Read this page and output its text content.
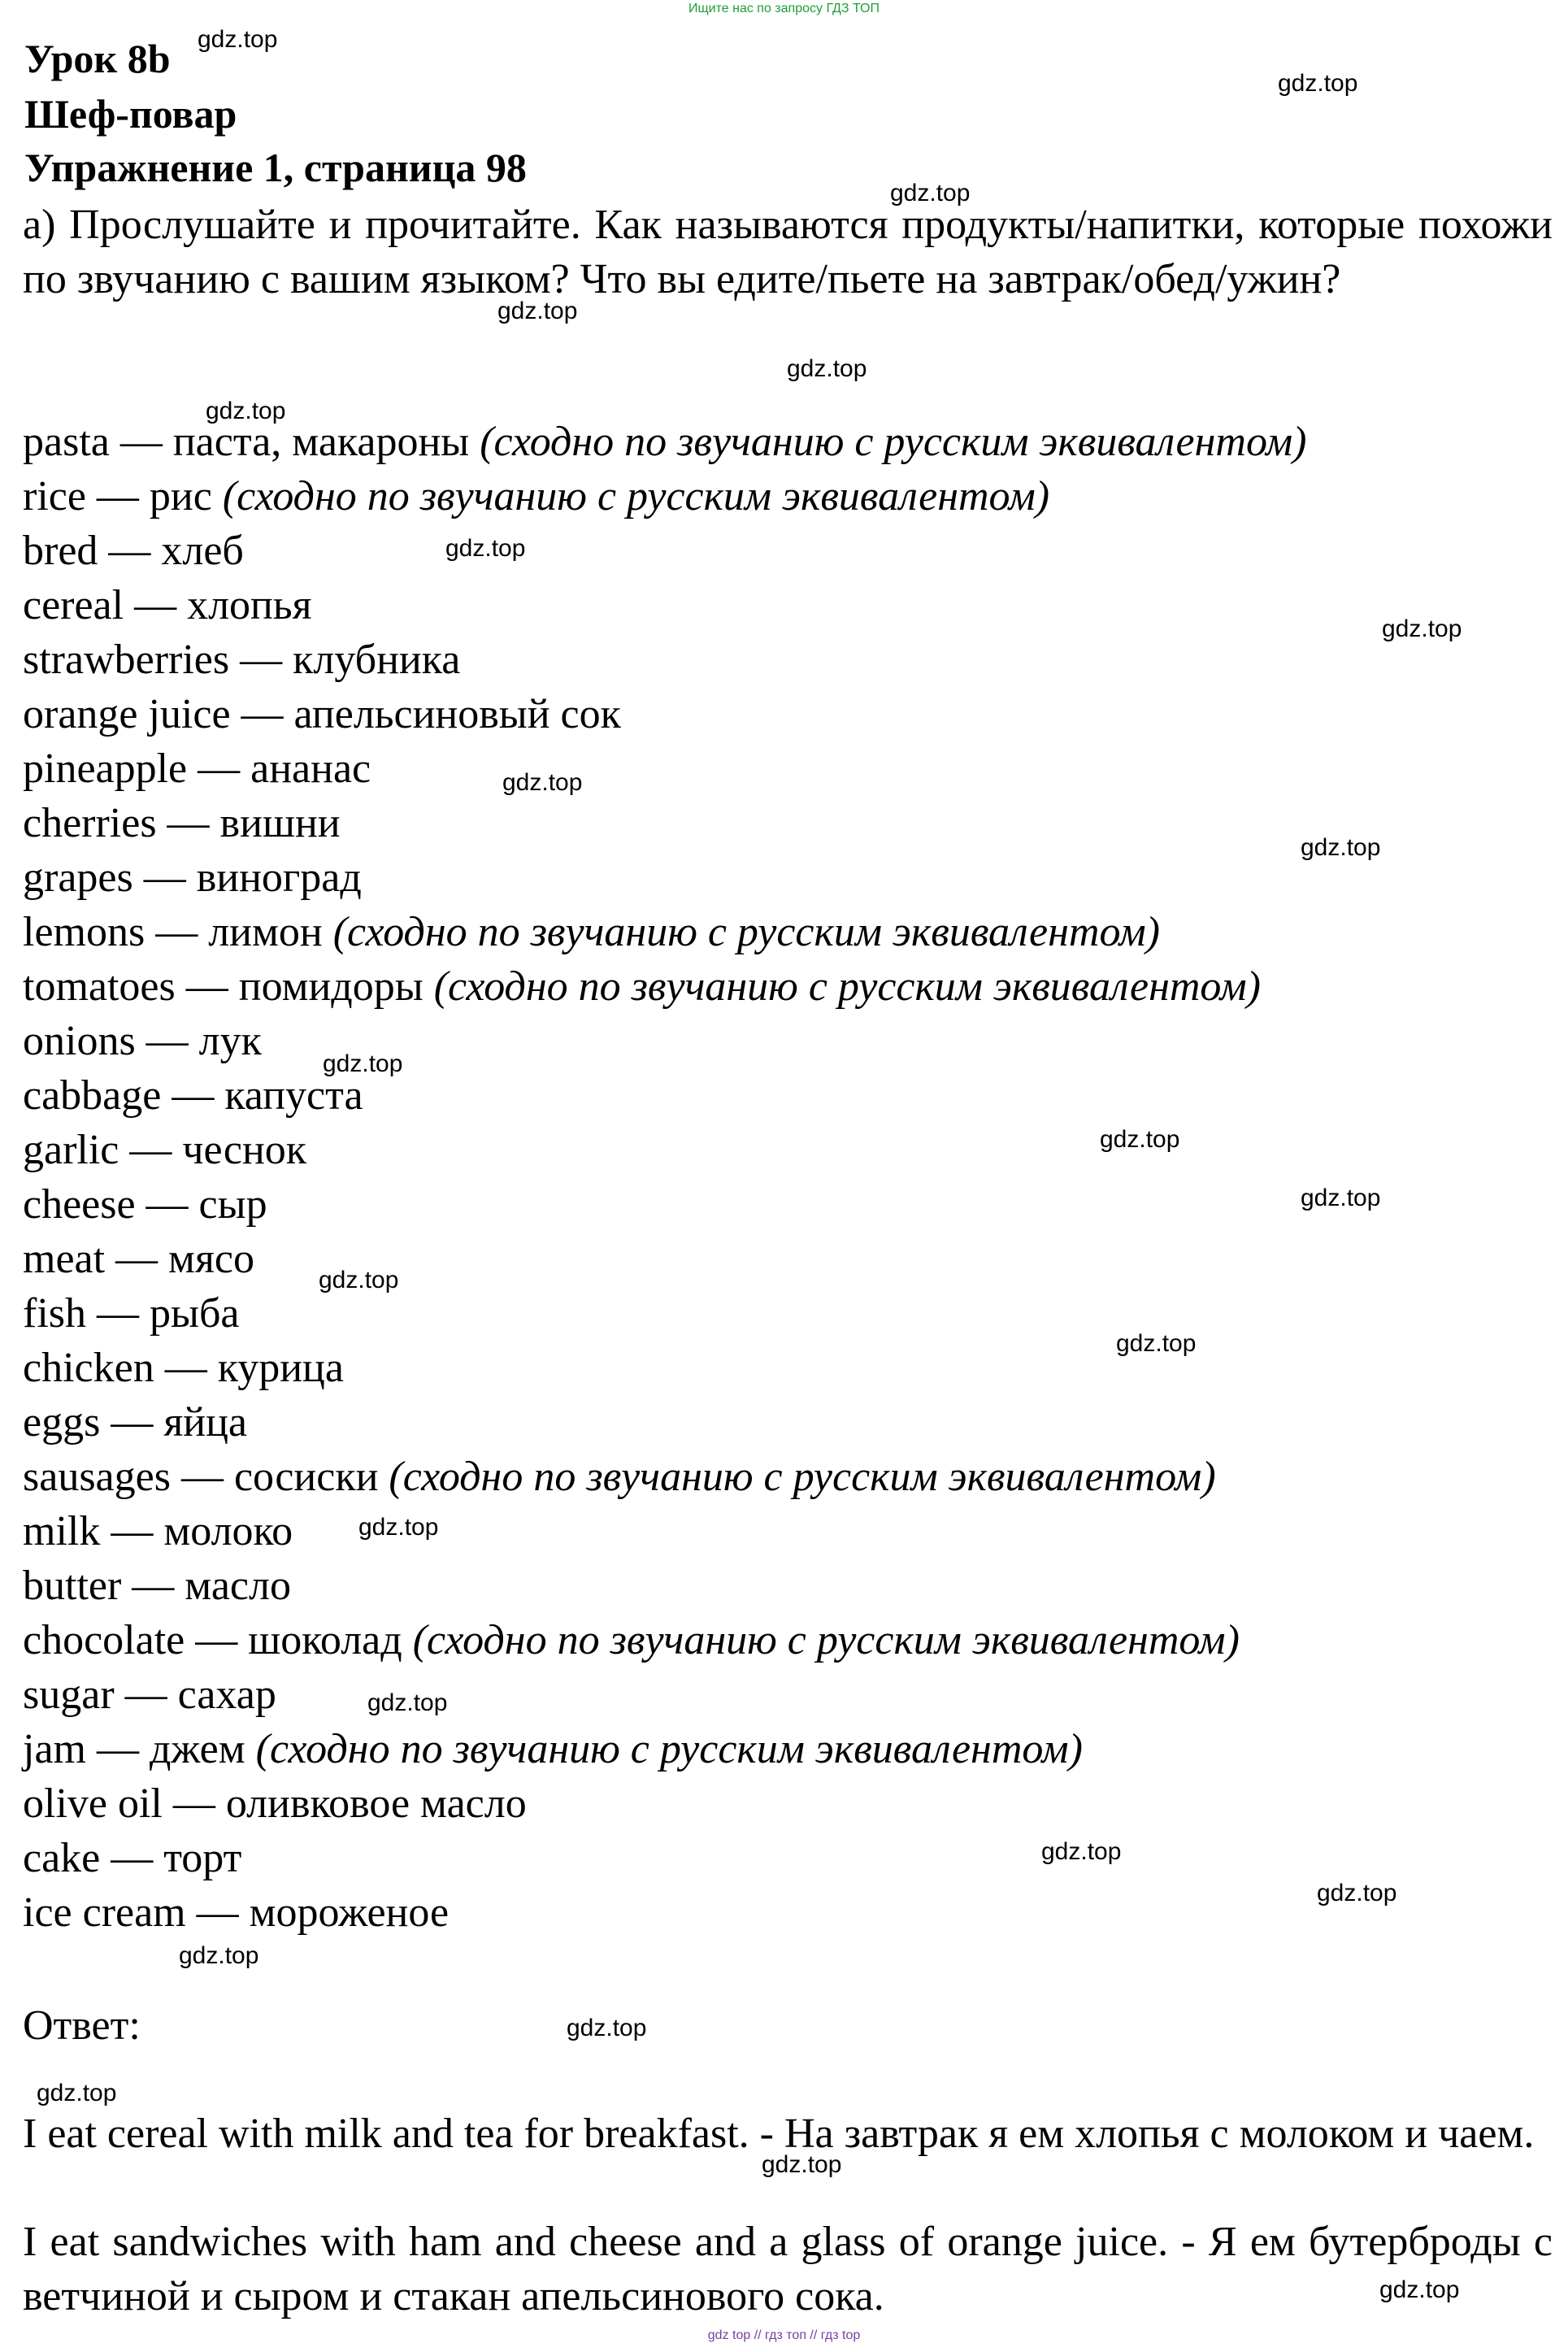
Ищите нас по запросу ГДЗ ТОП
Урок 8b
Шеф-повар
Упражнение 1, страница 98
а) Прослушайте и прочитайте. Как называются продукты/напитки, которые похожи по звучанию с вашим языком? Что вы едите/пьете на завтрак/обед/ужин?
pasta — паста, макароны (сходно по звучанию с русским эквивалентом)
rice — рис (сходно по звучанию с русским эквивалентом)
bred — хлеб
cereal — хлопья
strawberries — клубника
orange juice — апельсиновый сок
pineapple — ананас
cherries — вишни
grapes — виноград
lemons — лимон (сходно по звучанию с русским эквивалентом)
tomatoes — помидоры (сходно по звучанию с русским эквивалентом)
onions — лук
cabbage — капуста
garlic — чеснок
cheese — сыр
meat — мясо
fish — рыба
chicken — курица
eggs — яйца
sausages — сосиски (сходно по звучанию с русским эквивалентом)
milk — молоко
butter — масло
chocolate — шоколад (сходно по звучанию с русским эквивалентом)
sugar — сахар
jam — джем (сходно по звучанию с русским эквивалентом)
olive oil — оливковое масло
cake — торт
ice cream — мороженое
Ответ:
I eat cereal with milk and tea for breakfast. - На завтрак я ем хлопья с молоком и чаем.
I eat sandwiches with ham and cheese and a glass of orange juice. - Я ем бутерброды с ветчиной и сыром и стакан апельсинового сока.
gdz.top
gdz.top
gdz.top
gdz.top
gdz.top
gdz.top
gdz.top
gdz.top
gdz.top
gdz.top
gdz.top
gdz.top
gdz.top
gdz.top
gdz.top
gdz.top
gdz.top
gdz.top
gdz.top
gdz.top
gdz.top
gdz.top
gdz.top
gdz.top
gdz top // гдз топ // гдз top
